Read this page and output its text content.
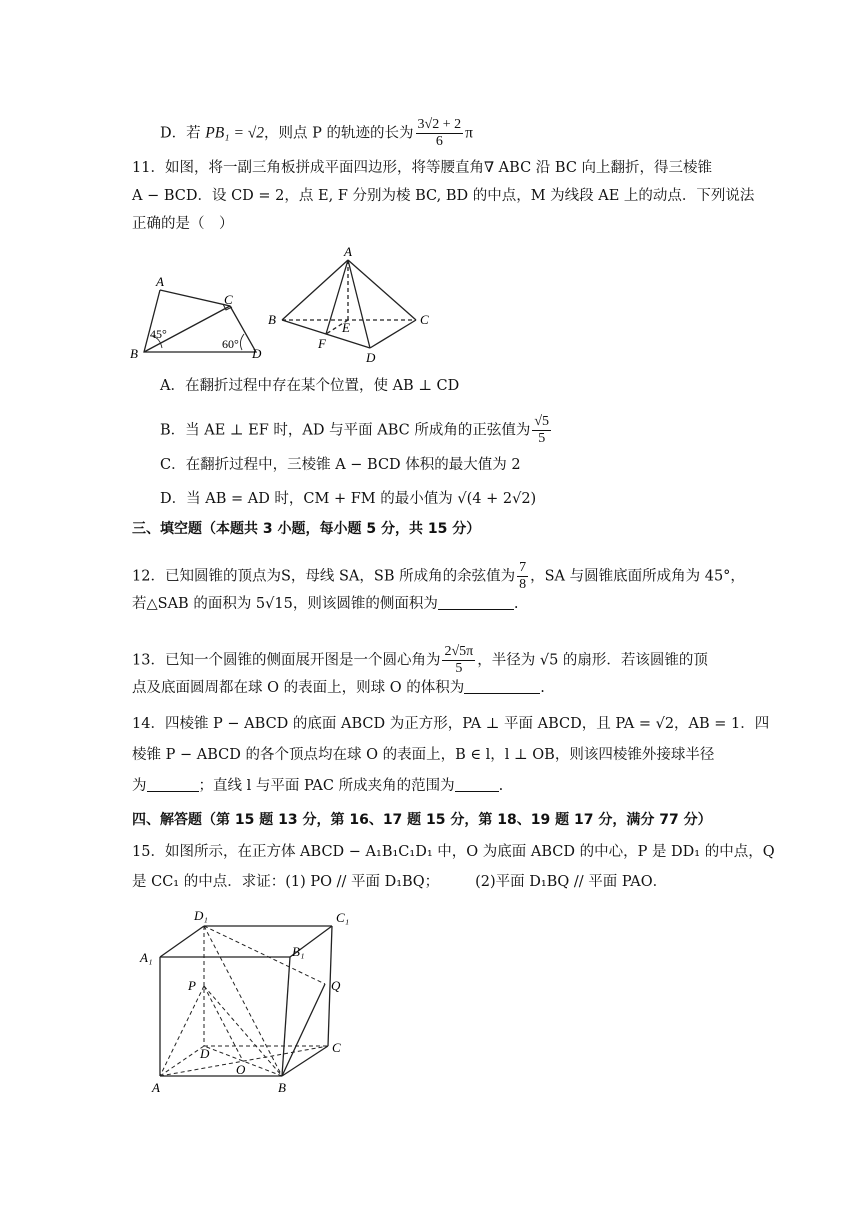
D．若 PB₁ = √2，则点 P 的轨迹的长为 $\frac{3√2 + 2}{6}$ π
11．如图，将一副三角板拼成平面四边形，将等腰直角∇ ABC 沿 BC 向上翻折，得三棱锥
A − BCD．设 CD = 2，点 E, F 分别为棱 BC, BD 的中点，M 为线段 AE 上的动点．下列说法
正确的是（　）
A
B
C
D
45°
60°
A
B	C
D
E
F
A．在翻折过程中存在某个位置，使 AB ⊥ CD
B．当 AE ⊥ EF 时，AD 与平面 ABC 所成角的正弦值为 $\frac{√5}{5}$
C．在翻折过程中，三棱锥 A − BCD 体积的最大值为 2
D．当 AB = AD 时，CM + FM 的最小值为 √(4 + 2√2)
三、填空题（本题共 3 小题，每小题 5 分，共 15 分）
12．已知圆锥的顶点为S，母线 SA，SB 所成角的余弦值为 $\frac{7}{8}$ ，SA 与圆锥底面所成角为 45°，
若△SAB 的面积为 5√15，则该圆锥的侧面积为	.
13．已知一个圆锥的侧面展开图是一个圆心角为 $\frac{2√5\pi}{5}$ ，半径为 √5 的扇形．若该圆锥的顶
点及底面圆周都在球 O 的表面上，则球 O 的体积为	.
14．四棱锥 P − ABCD 的底面 ABCD 为正方形，PA ⊥ 平面 ABCD，且 PA = √2，AB = 1．四
棱锥 P − ABCD 的各个顶点均在球 O 的表面上，B ∈ l，l ⊥ OB，则该四棱锥外接球半径
为	；直线 l 与平面 PAC 所成夹角的范围为	.
四、解答题（第 15 题 13 分，第 16、17 题 15 分，第 18、19 题 17 分，满分 77 分）
15．如图所示，在正方体 ABCD − A₁B₁C₁D₁ 中，O 为底面 ABCD 的中心，P 是 DD₁ 的中点，Q
是 CC₁ 的中点．求证：(1) PO // 平面 D₁BQ； (2)平面 D₁BQ // 平面 PAO．
D₁	C₁
A₁	B₁
P	Q
D	C
O
A	B
